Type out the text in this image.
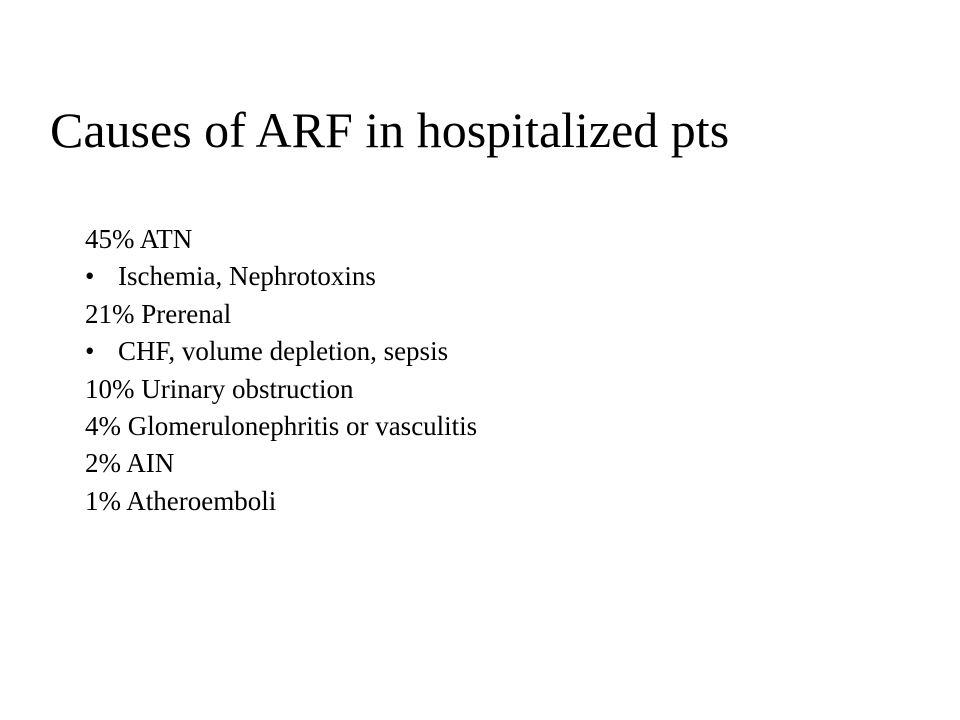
Causes of ARF in hospitalized pts
45% ATN
• Ischemia, Nephrotoxins
21% Prerenal
• CHF, volume depletion, sepsis
10% Urinary obstruction
4% Glomerulonephritis or vasculitis
2% AIN
1% Atheroemboli
